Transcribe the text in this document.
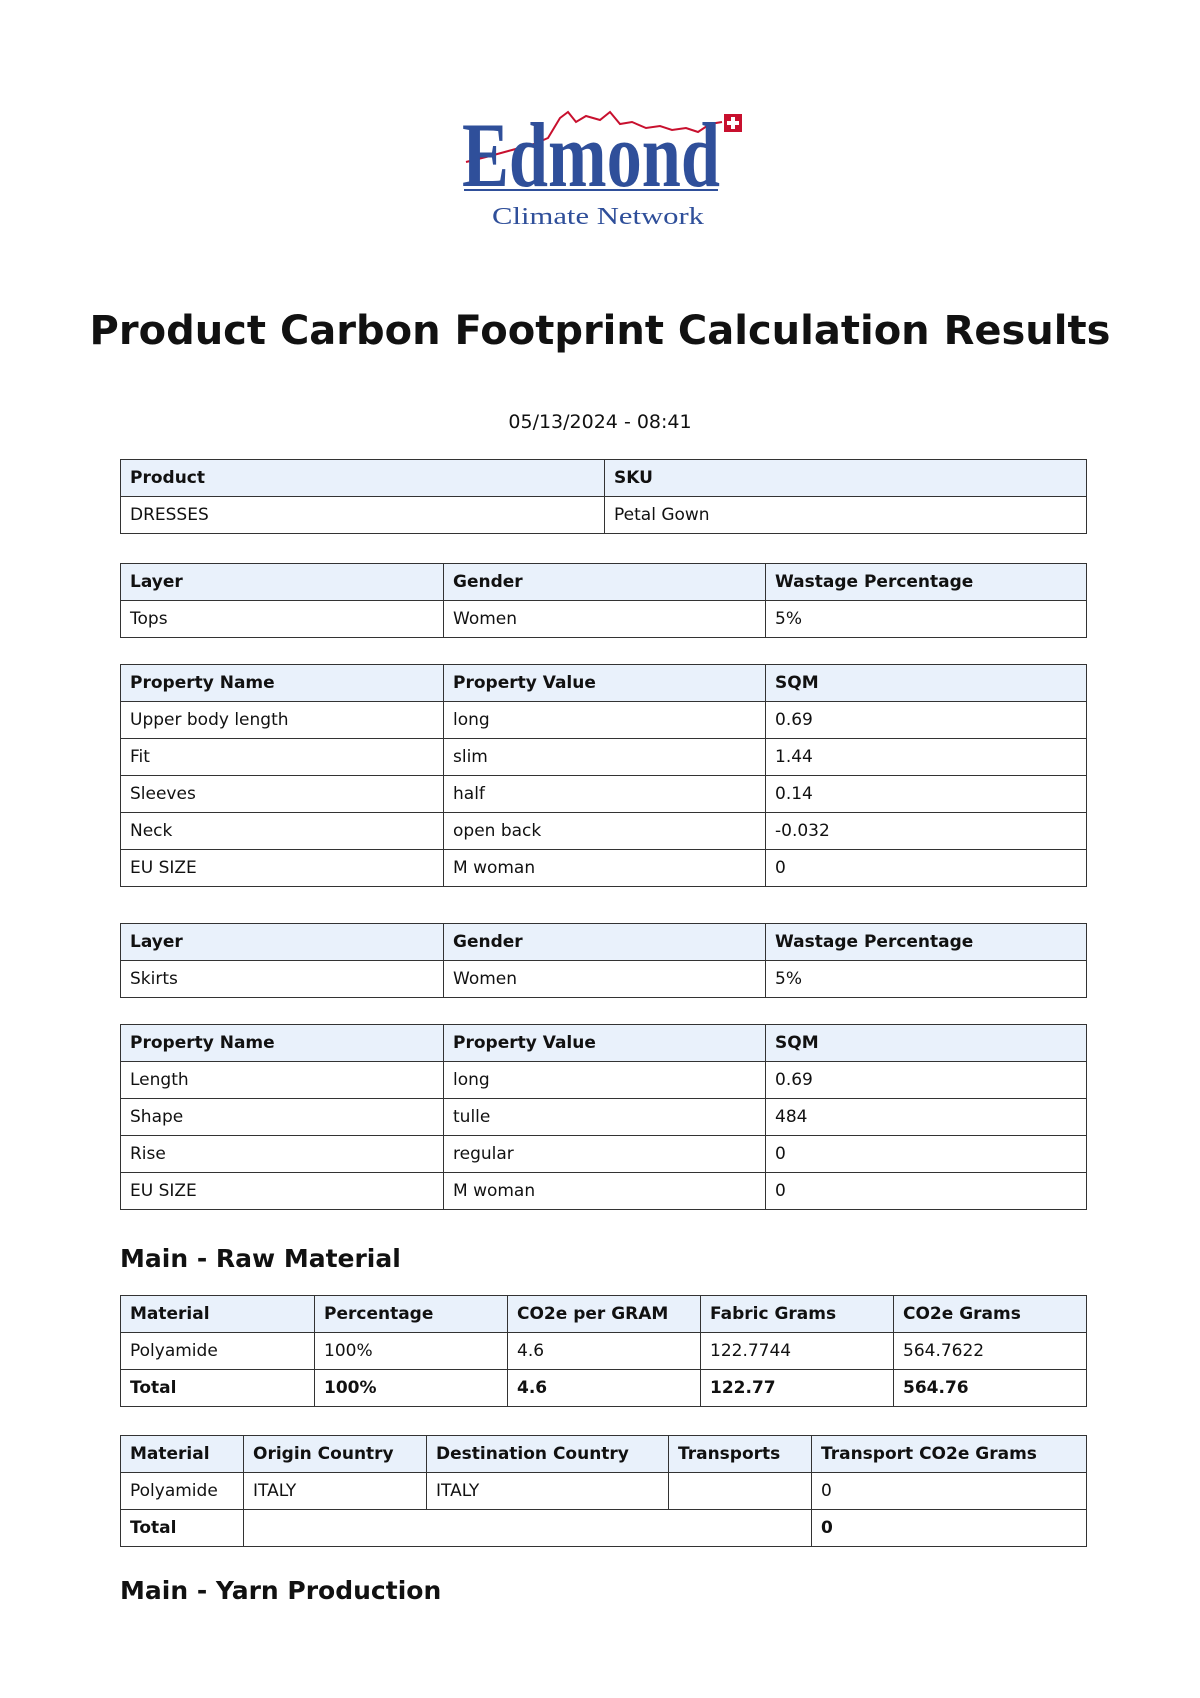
Edmond
Climate Network
Product Carbon Footprint Calculation Results
05/13/2024 - 08:41
Product	SKU
DRESSES	Petal Gown
Layer	Gender	Wastage Percentage
Tops	Women	5%
Property Name	Property Value	SQM
Upper body length	long	0.69
Fit	slim	1.44
Sleeves	half	0.14
Neck	open back	-0.032
EU SIZE	M woman	0
Layer	Gender	Wastage Percentage
Skirts	Women	5%
Property Name	Property Value	SQM
Length	long	0.69
Shape	tulle	484
Rise	regular	0
EU SIZE	M woman	0
Main - Raw Material
Material	Percentage	CO2e per GRAM	Fabric Grams	CO2e Grams
Polyamide	100%	4.6	122.7744	564.7622
Total	100%	4.6	122.77	564.76
Material	Origin Country	Destination Country	Transports	Transport CO2e Grams
Polyamide	ITALY	ITALY		0
Total				0
Main - Yarn Production
